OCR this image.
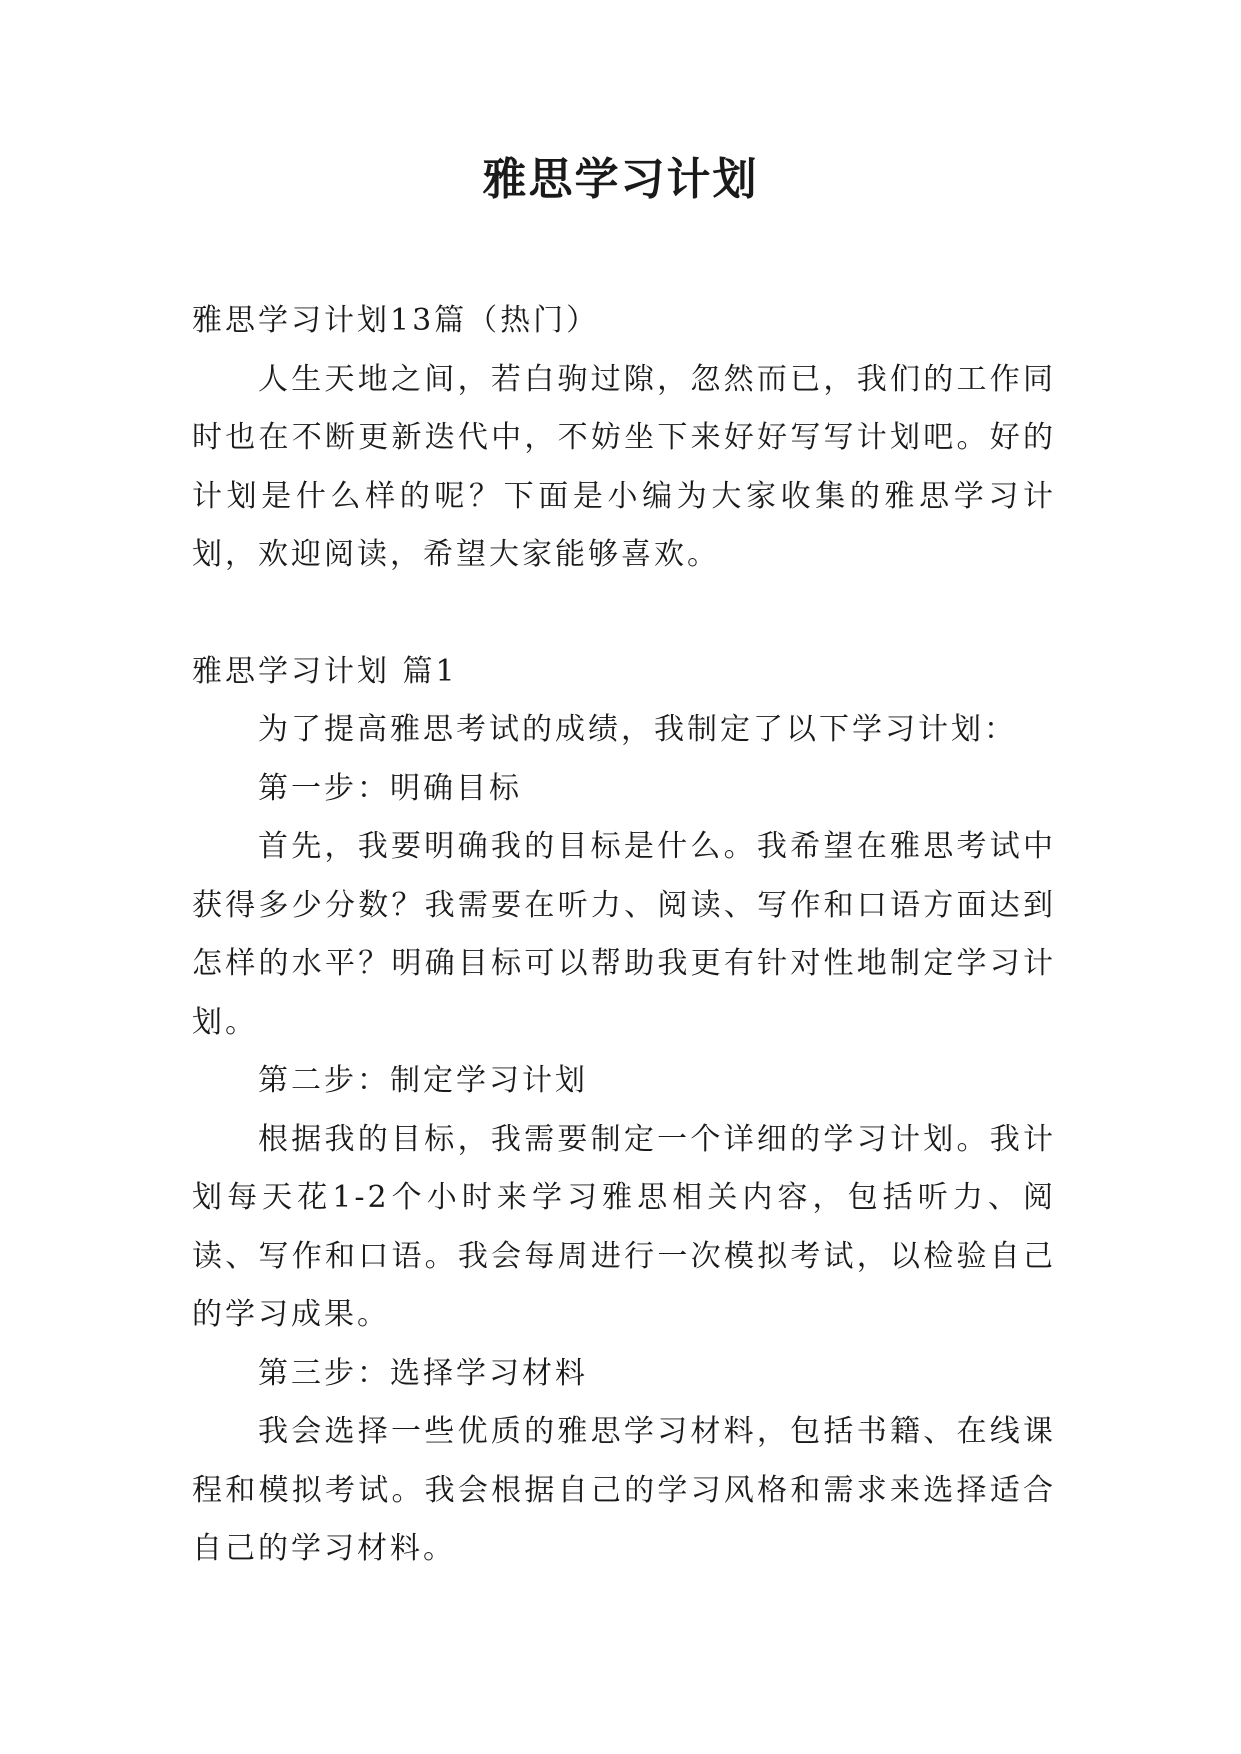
雅思学习计划

雅思学习计划13篇（热门）

人生天地之间，若白驹过隙，忽然而已，我们的工作同时也在不断更新迭代中，不妨坐下来好好写写计划吧。好的计划是什么样的呢？下面是小编为大家收集的雅思学习计划，欢迎阅读，希望大家能够喜欢。

雅思学习计划 篇1

为了提高雅思考试的成绩，我制定了以下学习计划：

第一步：明确目标

首先，我要明确我的目标是什么。我希望在雅思考试中获得多少分数？我需要在听力、阅读、写作和口语方面达到怎样的水平？明确目标可以帮助我更有针对性地制定学习计划。

第二步：制定学习计划

根据我的目标，我需要制定一个详细的学习计划。我计划每天花1-2个小时来学习雅思相关内容，包括听力、阅读、写作和口语。我会每周进行一次模拟考试，以检验自己的学习成果。

第三步：选择学习材料

我会选择一些优质的雅思学习材料，包括书籍、在线课程和模拟考试。我会根据自己的学习风格和需求来选择适合自己的学习材料。
